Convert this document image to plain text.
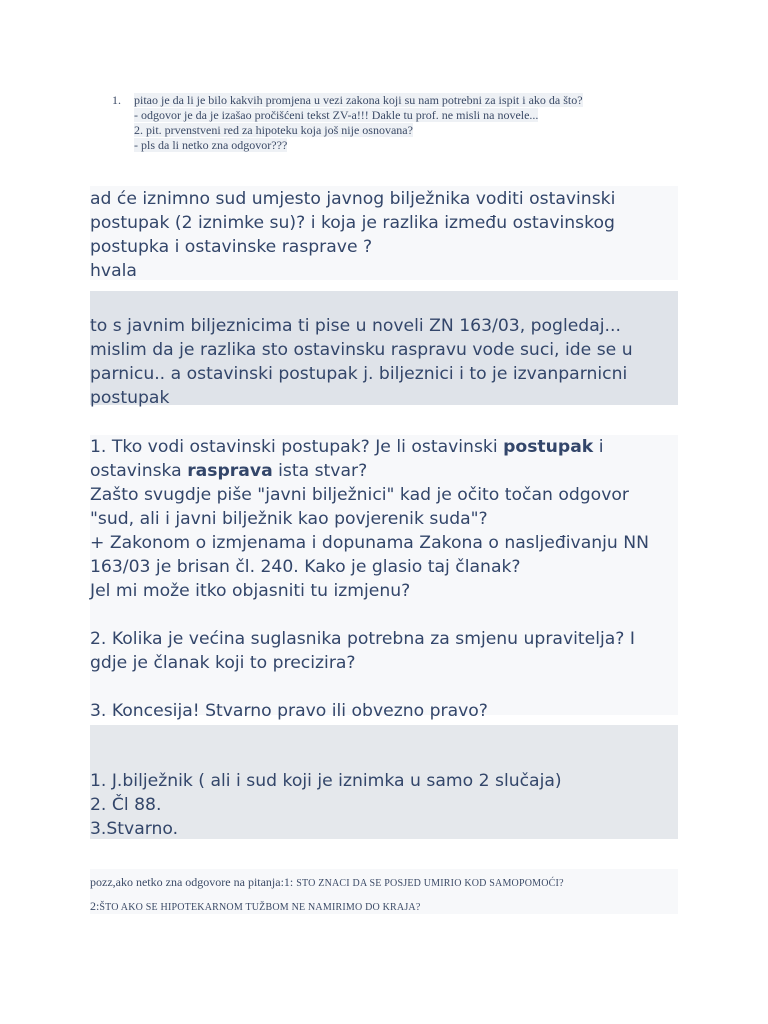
1. pitao je da li je bilo kakvih promjena u vezi zakona koji su nam potrebni za ispit i ako da što?
- odgovor je da je izašao pročišćeni tekst ZV-a!!! Dakle tu prof. ne misli na novele...
2. pit. prvenstveni red za hipoteku koja još nije osnovana?
- pls da li netko zna odgovor???
ad će iznimno sud umjesto javnog bilježnika voditi ostavinski
postupak (2 iznimke su)? i koja je razlika između ostavinskog
postupka i ostavinske rasprave ?
hvala
to s javnim biljeznicima ti pise u noveli ZN 163/03, pogledaj...
mislim da je razlika sto ostavinsku raspravu vode suci, ide se u
parnicu.. a ostavinski postupak j. biljeznici i to je izvanparnicni
postupak
1. Tko vodi ostavinski postupak? Je li ostavinski postupak i
ostavinska rasprava ista stvar?
Zašto svugdje piše "javni bilježnici" kad je očito točan odgovor
"sud, ali i javni bilježnik kao povjerenik suda"?
+ Zakonom o izmjenama i dopunama Zakona o nasljeđivanju NN
163/03 je brisan čl. 240. Kako je glasio taj članak?
Jel mi može itko objasniti tu izmjenu?
2. Kolika je većina suglasnika potrebna za smjenu upravitelja? I
gdje je članak koji to precizira?
3. Koncesija! Stvarno pravo ili obvezno pravo?
1. J.bilježnik ( ali i sud koji je iznimka u samo 2 slučaja)
2. Čl 88.
3.Stvarno.
pozz,ako netko zna odgovore na pitanja:1: STO ZNACI DA SE POSJED UMIRIO KOD SAMOPOMOĆI?
2:ŠTO AKO SE HIPOTEKARNOM TUŽBOM NE NAMIRIMO DO KRAJA?
